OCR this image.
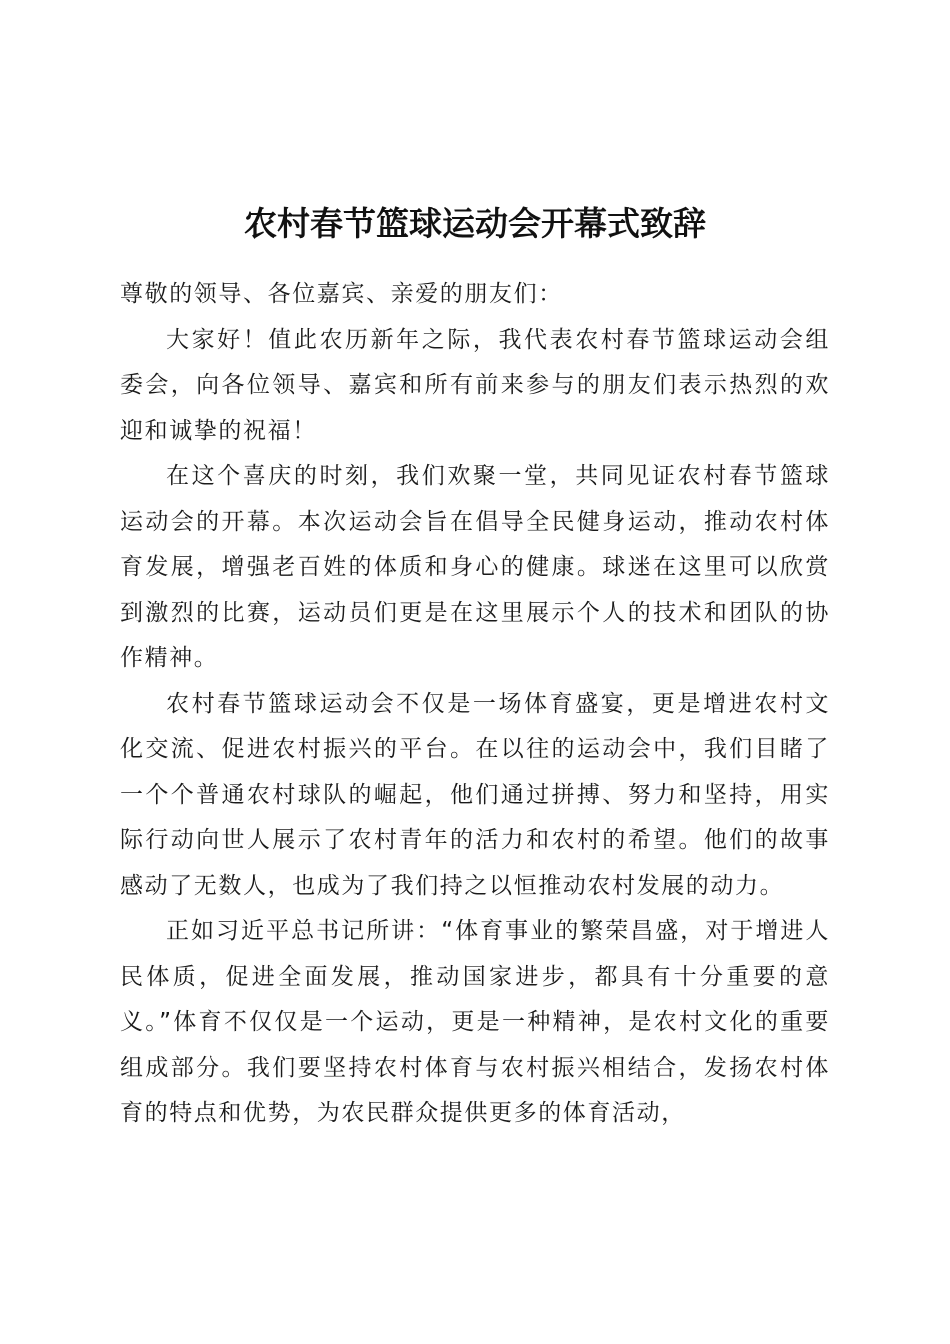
农村春节篮球运动会开幕式致辞

尊敬的领导、各位嘉宾、亲爱的朋友们：

大家好！值此农历新年之际，我代表农村春节篮球运动会组委会，向各位领导、嘉宾和所有前来参与的朋友们表示热烈的欢迎和诚挚的祝福！

在这个喜庆的时刻，我们欢聚一堂，共同见证农村春节篮球运动会的开幕。本次运动会旨在倡导全民健身运动，推动农村体育发展，增强老百姓的体质和身心的健康。球迷在这里可以欣赏到激烈的比赛，运动员们更是在这里展示个人的技术和团队的协作精神。

农村春节篮球运动会不仅是一场体育盛宴，更是增进农村文化交流、促进农村振兴的平台。在以往的运动会中，我们目睹了一个个普通农村球队的崛起，他们通过拼搏、努力和坚持，用实际行动向世人展示了农村青年的活力和农村的希望。他们的故事感动了无数人，也成为了我们持之以恒推动农村发展的动力。

正如习近平总书记所讲：“体育事业的繁荣昌盛，对于增进人民体质，促进全面发展，推动国家进步，都具有十分重要的意义。”体育不仅仅是一个运动，更是一种精神，是农村文化的重要组成部分。我们要坚持农村体育与农村振兴相结合，发扬农村体育的特点和优势，为农民群众提供更多的体育活动，
